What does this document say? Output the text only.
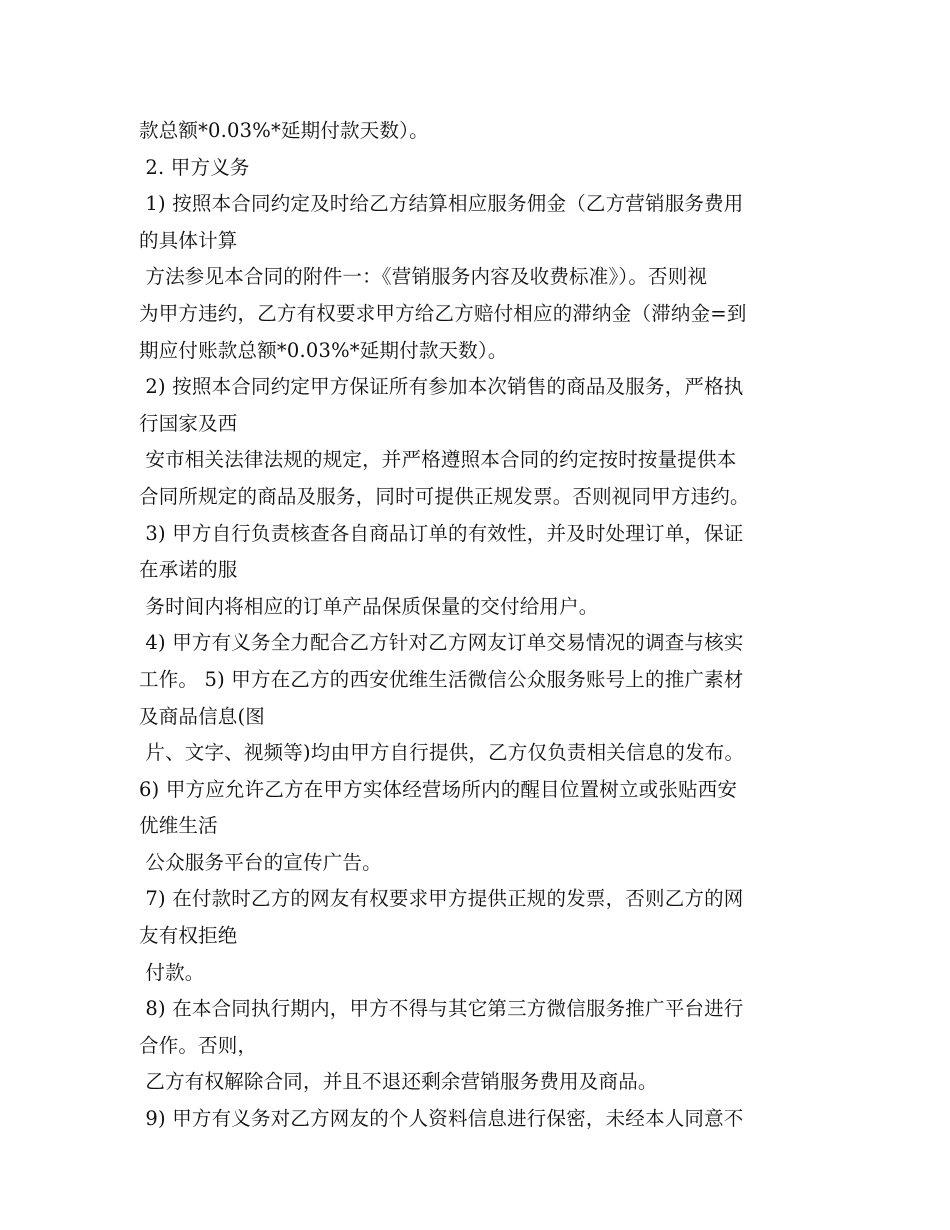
款总额*0.03%*延期付款天数）。
2. 甲方义务
1) 按照本合同约定及时给乙方结算相应服务佣金（乙方营销服务费用
的具体计算
方法参见本合同的附件一：《营销服务内容及收费标准》）。否则视
为甲方违约，乙方有权要求甲方给乙方赔付相应的滞纳金（滞纳金=到
期应付账款总额*0.03%*延期付款天数）。
2) 按照本合同约定甲方保证所有参加本次销售的商品及服务，严格执
行国家及西
安市相关法律法规的规定，并严格遵照本合同的约定按时按量提供本
合同所规定的商品及服务，同时可提供正规发票。否则视同甲方违约。
3) 甲方自行负责核查各自商品订单的有效性，并及时处理订单，保证
在承诺的服
务时间内将相应的订单产品保质保量的交付给用户。
4) 甲方有义务全力配合乙方针对乙方网友订单交易情况的调查与核实
工作。 5) 甲方在乙方的西安优维生活微信公众服务账号上的推广素材
及商品信息(图
片、文字、视频等)均由甲方自行提供，乙方仅负责相关信息的发布。
6) 甲方应允许乙方在甲方实体经营场所内的醒目位置树立或张贴西安
优维生活
公众服务平台的宣传广告。
7) 在付款时乙方的网友有权要求甲方提供正规的发票，否则乙方的网
友有权拒绝
付款。
8) 在本合同执行期内，甲方不得与其它第三方微信服务推广平台进行
合作。否则，
乙方有权解除合同，并且不退还剩余营销服务费用及商品。
9) 甲方有义务对乙方网友的个人资料信息进行保密，未经本人同意不
